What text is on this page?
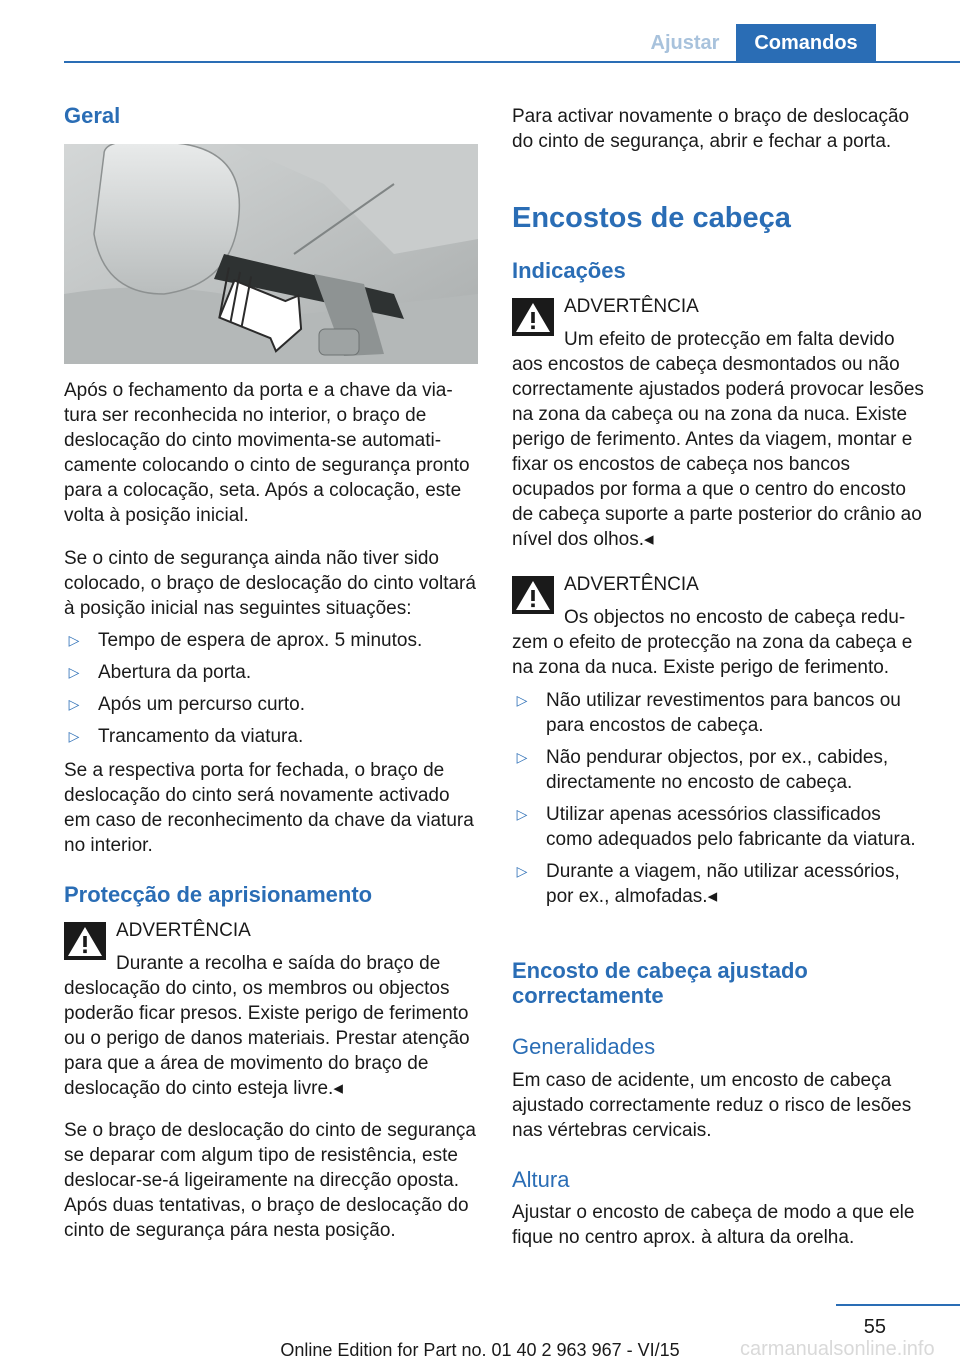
Ajustar	Comandos
Geral

Após o fechamento da porta e a chave da viatura ser reconhecida no interior, o braço de deslocação do cinto movimenta-se automaticamente colocando o cinto de segurança pronto para a colocação, seta. Após a colocação, este volta à posição inicial.

Se o cinto de segurança ainda não tiver sido colocado, o braço de deslocação do cinto voltará à posição inicial nas seguintes situações:

▷ Tempo de espera de aprox. 5 minutos.
▷ Abertura da porta.
▷ Após um percurso curto.
▷ Trancamento da viatura.

Se a respectiva porta for fechada, o braço de deslocação do cinto será novamente activado em caso de reconhecimento da chave da viatura no interior.

Protecção de aprisionamento
ADVERTÊNCIA

Durante a recolha e saída do braço de deslocação do cinto, os membros ou objectos poderão ficar presos. Existe perigo de ferimento ou o perigo de danos materiais. Prestar atenção para que a área de movimento do braço de deslocação do cinto esteja livre.◂

Se o braço de deslocação do cinto de segurança se deparar com algum tipo de resistência, este deslocar-se-á ligeiramente na direcção oposta. Após duas tentativas, o braço de deslocação do cinto de segurança pára nesta posição.

Para activar novamente o braço de deslocação do cinto de segurança, abrir e fechar a porta.

Encostos de cabeça
Indicações
ADVERTÊNCIA

Um efeito de protecção em falta devido aos encostos de cabeça desmontados ou não correctamente ajustados poderá provocar lesões na zona da cabeça ou na zona da nuca. Existe perigo de ferimento. Antes da viagem, montar e fixar os encostos de cabeça nos bancos ocupados por forma a que o centro do encosto de cabeça suporte a parte posterior do crânio ao nível dos olhos.◂

ADVERTÊNCIA

Os objectos no encosto de cabeça reduzem o efeito de protecção na zona da cabeça e na zona da nuca. Existe perigo de ferimento.

▷ Não utilizar revestimentos para bancos ou para encostos de cabeça.
▷ Não pendurar objectos, por ex., cabides, directamente no encosto de cabeça.
▷ Utilizar apenas acessórios classificados como adequados pelo fabricante da viatura.
▷ Durante a viagem, não utilizar acessórios, por ex., almofadas.◂
Encosto de cabeça ajustado correctamente
Generalidades

Em caso de acidente, um encosto de cabeça ajustado correctamente reduz o risco de lesões nas vértebras cervicais.

Altura

Ajustar o encosto de cabeça de modo a que ele fique no centro aprox. à altura da orelha.

55
Online Edition for Part no. 01 40 2 963 967 - VI/15	carmanualsonline.info
